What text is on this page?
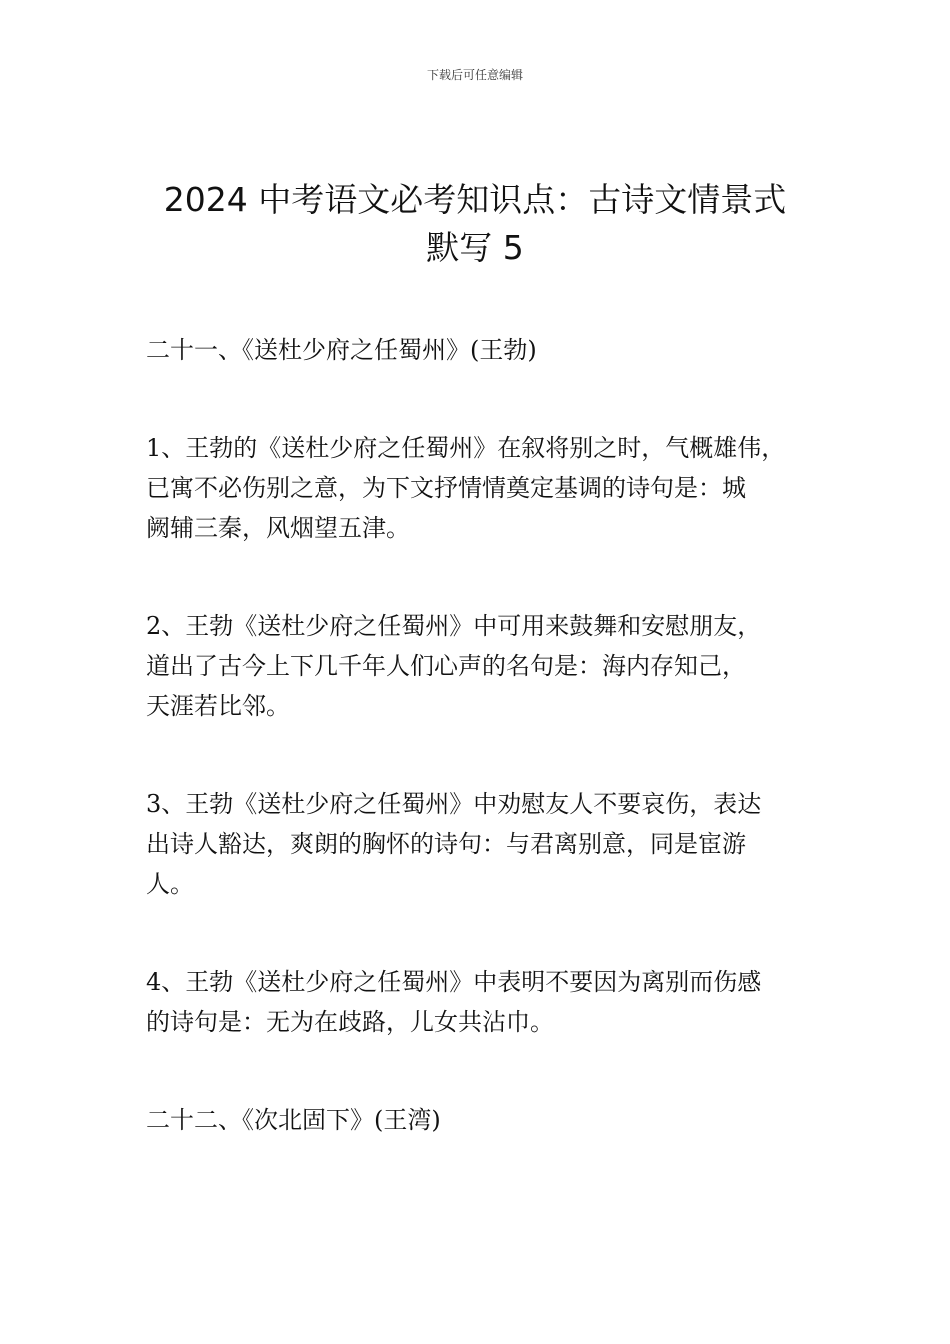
下载后可任意编辑
2024 中考语文必考知识点：古诗文情景式
默写 5

二十一、《送杜少府之任蜀州》(王勃)

1、王勃的《送杜少府之任蜀州》在叙将别之时，气概雄伟，
已寓不必伤别之意，为下文抒情情奠定基调的诗句是：城
阙辅三秦，风烟望五津。
2、王勃《送杜少府之任蜀州》中可用来鼓舞和安慰朋友，
道出了古今上下几千年人们心声的名句是：海内存知己，
天涯若比邻。
3、王勃《送杜少府之任蜀州》中劝慰友人不要哀伤，表达
出诗人豁达，爽朗的胸怀的诗句：与君离别意，同是宦游
人。
4、王勃《送杜少府之任蜀州》中表明不要因为离别而伤感
的诗句是：无为在歧路，儿女共沾巾。

二十二、《次北固下》(王湾)
